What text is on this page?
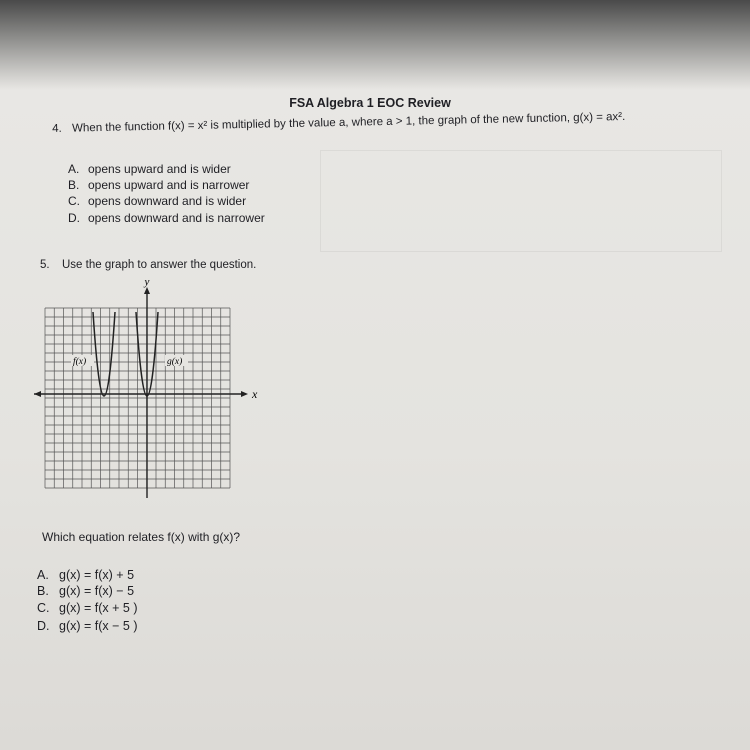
FSA Algebra 1 EOC Review
4. When the function f(x) = x² is multiplied by the value a, where a > 1, the graph of the new function, g(x) = ax².
A. opens upward and is wider
B. opens upward and is narrower
C. opens downward and is wider
D. opens downward and is narrower
5. Use the graph to answer the question.
y
x
f(x)	g(x)
Which equation relates f(x) with g(x)?
A. g(x) = f(x) + 5
B. g(x) = f(x) − 5
C. g(x) = f(x + 5 )
D. g(x) = f(x − 5 )
